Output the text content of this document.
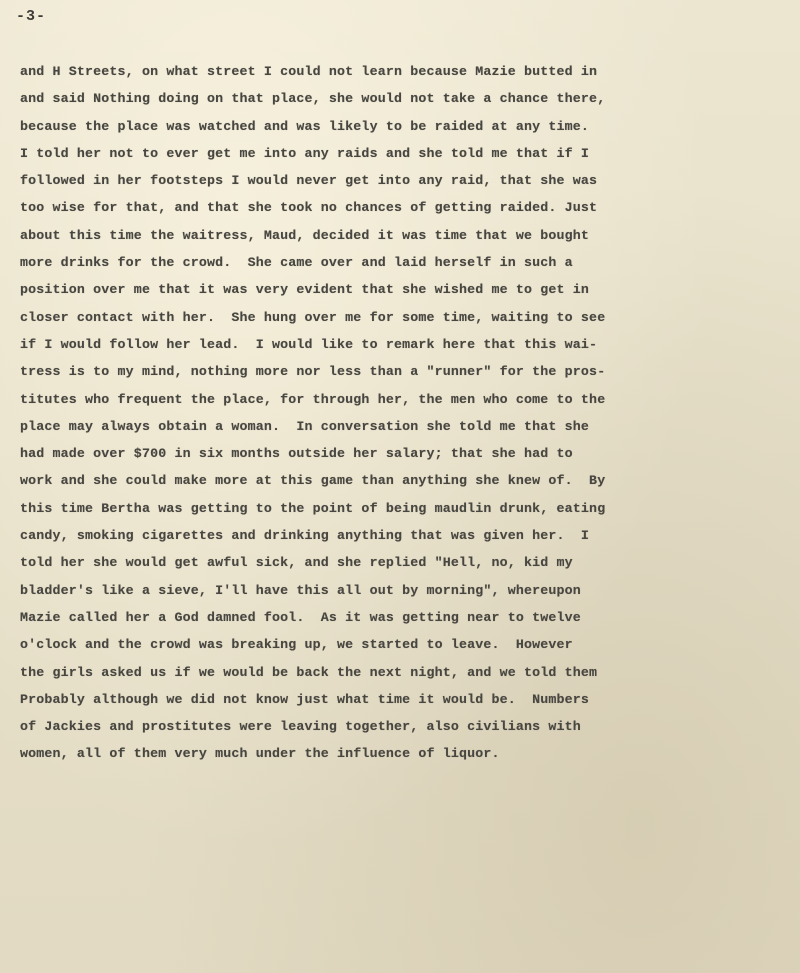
-3-
and H Streets, on what street I could not learn because Mazie butted in
and said Nothing doing on that place, she would not take a chance there,
because the place was watched and was likely to be raided at any time.
I told her not to ever get me into any raids and she told me that if I
followed in her footsteps I would never get into any raid, that she was
too wise for that, and that she took no chances of getting raided. Just
about this time the waitress, Maud, decided it was time that we bought
more drinks for the crowd.  She came over and laid herself in such a
position over me that it was very evident that she wished me to get in
closer contact with her.  She hung over me for some time, waiting to see
if I would follow her lead.  I would like to remark here that this wai-
tress is to my mind, nothing more nor less than a "runner" for the pros-
titutes who frequent the place, for through her, the men who come to the
place may always obtain a woman.  In conversation she told me that she
had made over $700 in six months outside her salary; that she had to
work and she could make more at this game than anything she knew of.  By
this time Bertha was getting to the point of being maudlin drunk, eating
candy, smoking cigarettes and drinking anything that was given her.  I
told her she would get awful sick, and she replied "Hell, no, kid my
bladder's like a sieve, I'll have this all out by morning", whereupon
Mazie called her a God damned fool.  As it was getting near to twelve
o'clock and the crowd was breaking up, we started to leave.  However
the girls asked us if we would be back the next night, and we told them
Probably although we did not know just what time it would be.  Numbers
of Jackies and prostitutes were leaving together, also civilians with
women, all of them very much under the influence of liquor.
